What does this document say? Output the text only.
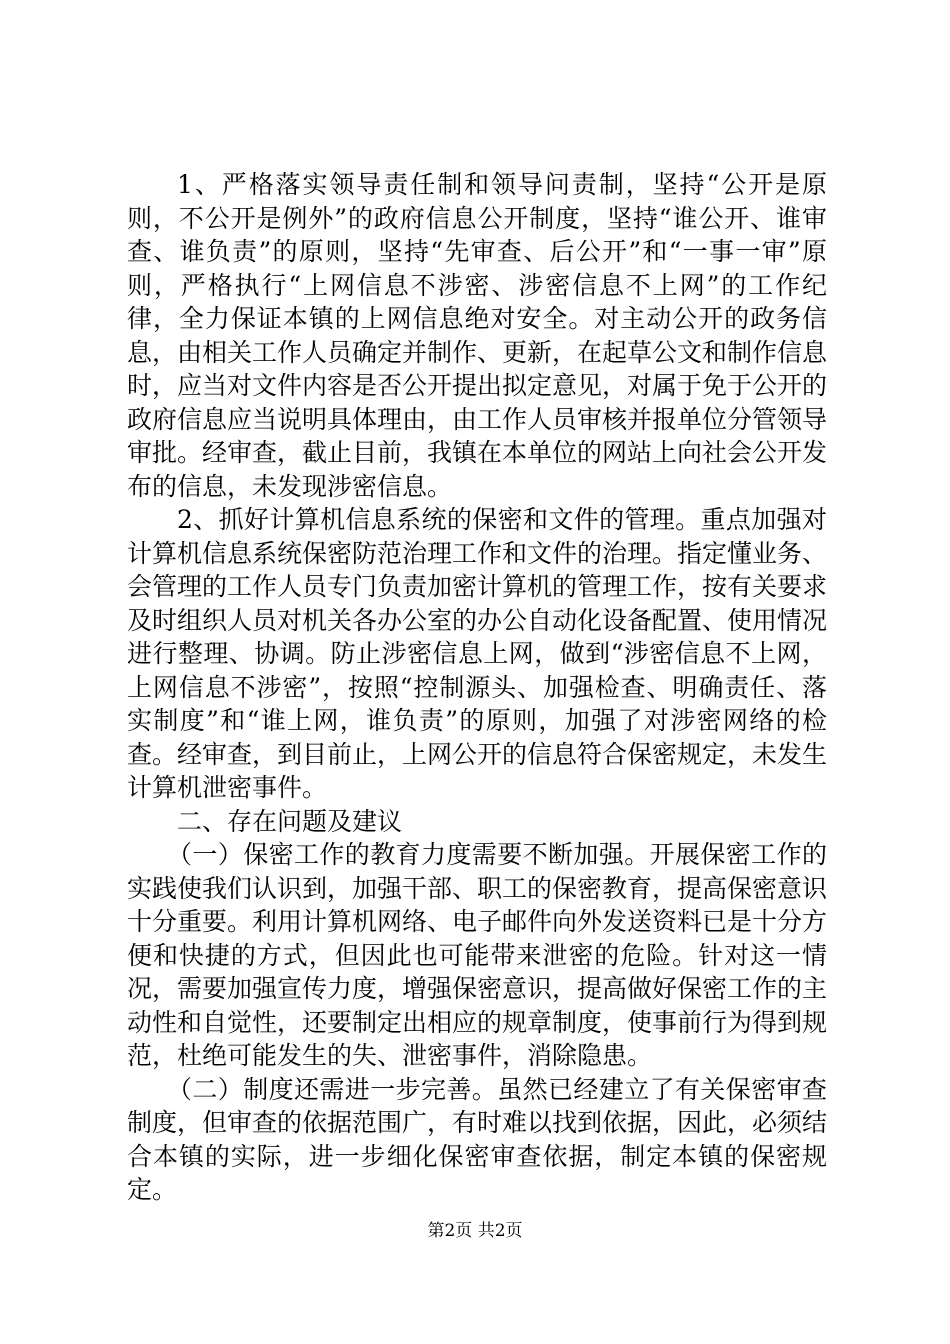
1、严格落实领导责任制和领导问责制，坚持“公开是原则，不公开是例外”的政府信息公开制度，坚持“谁公开、谁审查、谁负责”的原则，坚持“先审查、后公开”和“一事一审”原则，严格执行“上网信息不涉密、涉密信息不上网”的工作纪律，全力保证本镇的上网信息绝对安全。对主动公开的政务信息，由相关工作人员确定并制作、更新，在起草公文和制作信息时，应当对文件内容是否公开提出拟定意见，对属于免于公开的政府信息应当说明具体理由，由工作人员审核并报单位分管领导审批。经审查，截止目前，我镇在本单位的网站上向社会公开发布的信息，未发现涉密信息。

2、抓好计算机信息系统的保密和文件的管理。重点加强对计算机信息系统保密防范治理工作和文件的治理。指定懂业务、会管理的工作人员专门负责加密计算机的管理工作，按有关要求及时组织人员对机关各办公室的办公自动化设备配置、使用情况进行整理、协调。防止涉密信息上网，做到“涉密信息不上网，上网信息不涉密”，按照“控制源头、加强检查、明确责任、落实制度”和“谁上网，谁负责”的原则，加强了对涉密网络的检查。经审查，到目前止，上网公开的信息符合保密规定，未发生计算机泄密事件。

二、存在问题及建议

（一）保密工作的教育力度需要不断加强。开展保密工作的实践使我们认识到，加强干部、职工的保密教育，提高保密意识十分重要。利用计算机网络、电子邮件向外发送资料已是十分方便和快捷的方式，但因此也可能带来泄密的危险。针对这一情况，需要加强宣传力度，增强保密意识，提高做好保密工作的主动性和自觉性，还要制定出相应的规章制度，使事前行为得到规范，杜绝可能发生的失、泄密事件，消除隐患。

（二）制度还需进一步完善。虽然已经建立了有关保密审查制度，但审查的依据范围广，有时难以找到依据，因此，必须结合本镇的实际，进一步细化保密审查依据，制定本镇的保密规定。

第2页 共2页
